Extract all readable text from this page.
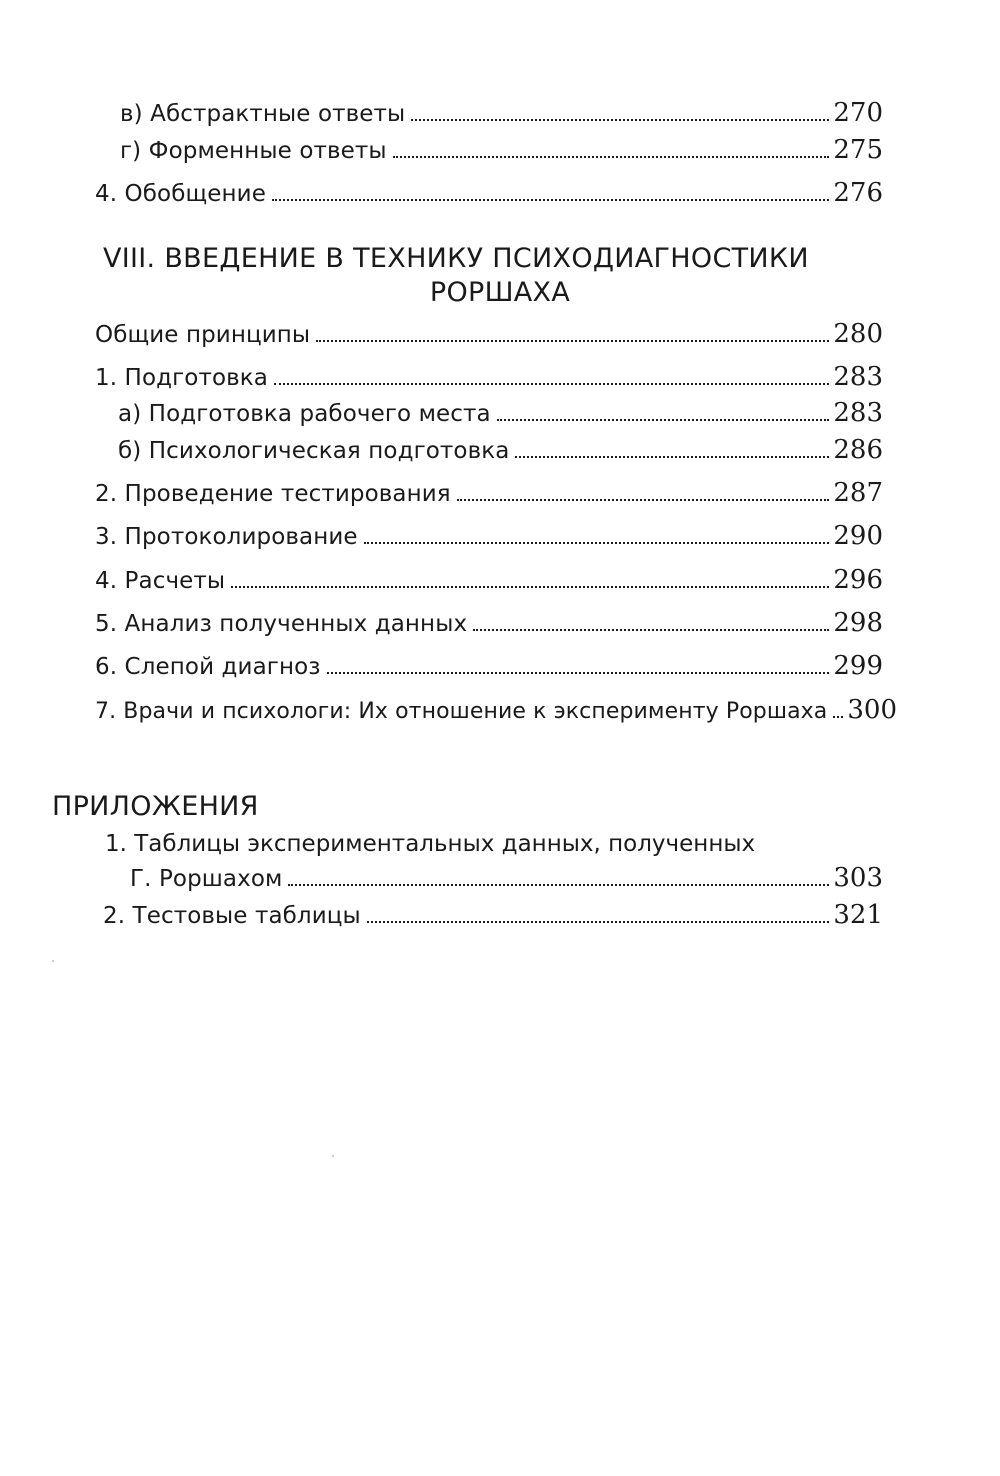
в) Абстрактные ответы	270
г) Форменные ответы	275
4. Обобщение	276
VIII. ВВЕДЕНИЕ В ТЕХНИКУ ПСИХОДИАГНОСТИКИ
РОРШАХА
Общие принципы	280
1. Подготовка	283
а) Подготовка рабочего места	283
б) Психологическая подготовка	286
2. Проведение тестирования	287
3. Протоколирование	290
4. Расчеты	296
5. Анализ полученных данных	298
6. Слепой диагноз	299
7. Врачи и психологи: Их отношение к эксперименту Роршаха 300
ПРИЛОЖЕНИЯ
1. Таблицы экспериментальных данных, полученных
Г. Роршахом	303
2. Тестовые таблицы	321
